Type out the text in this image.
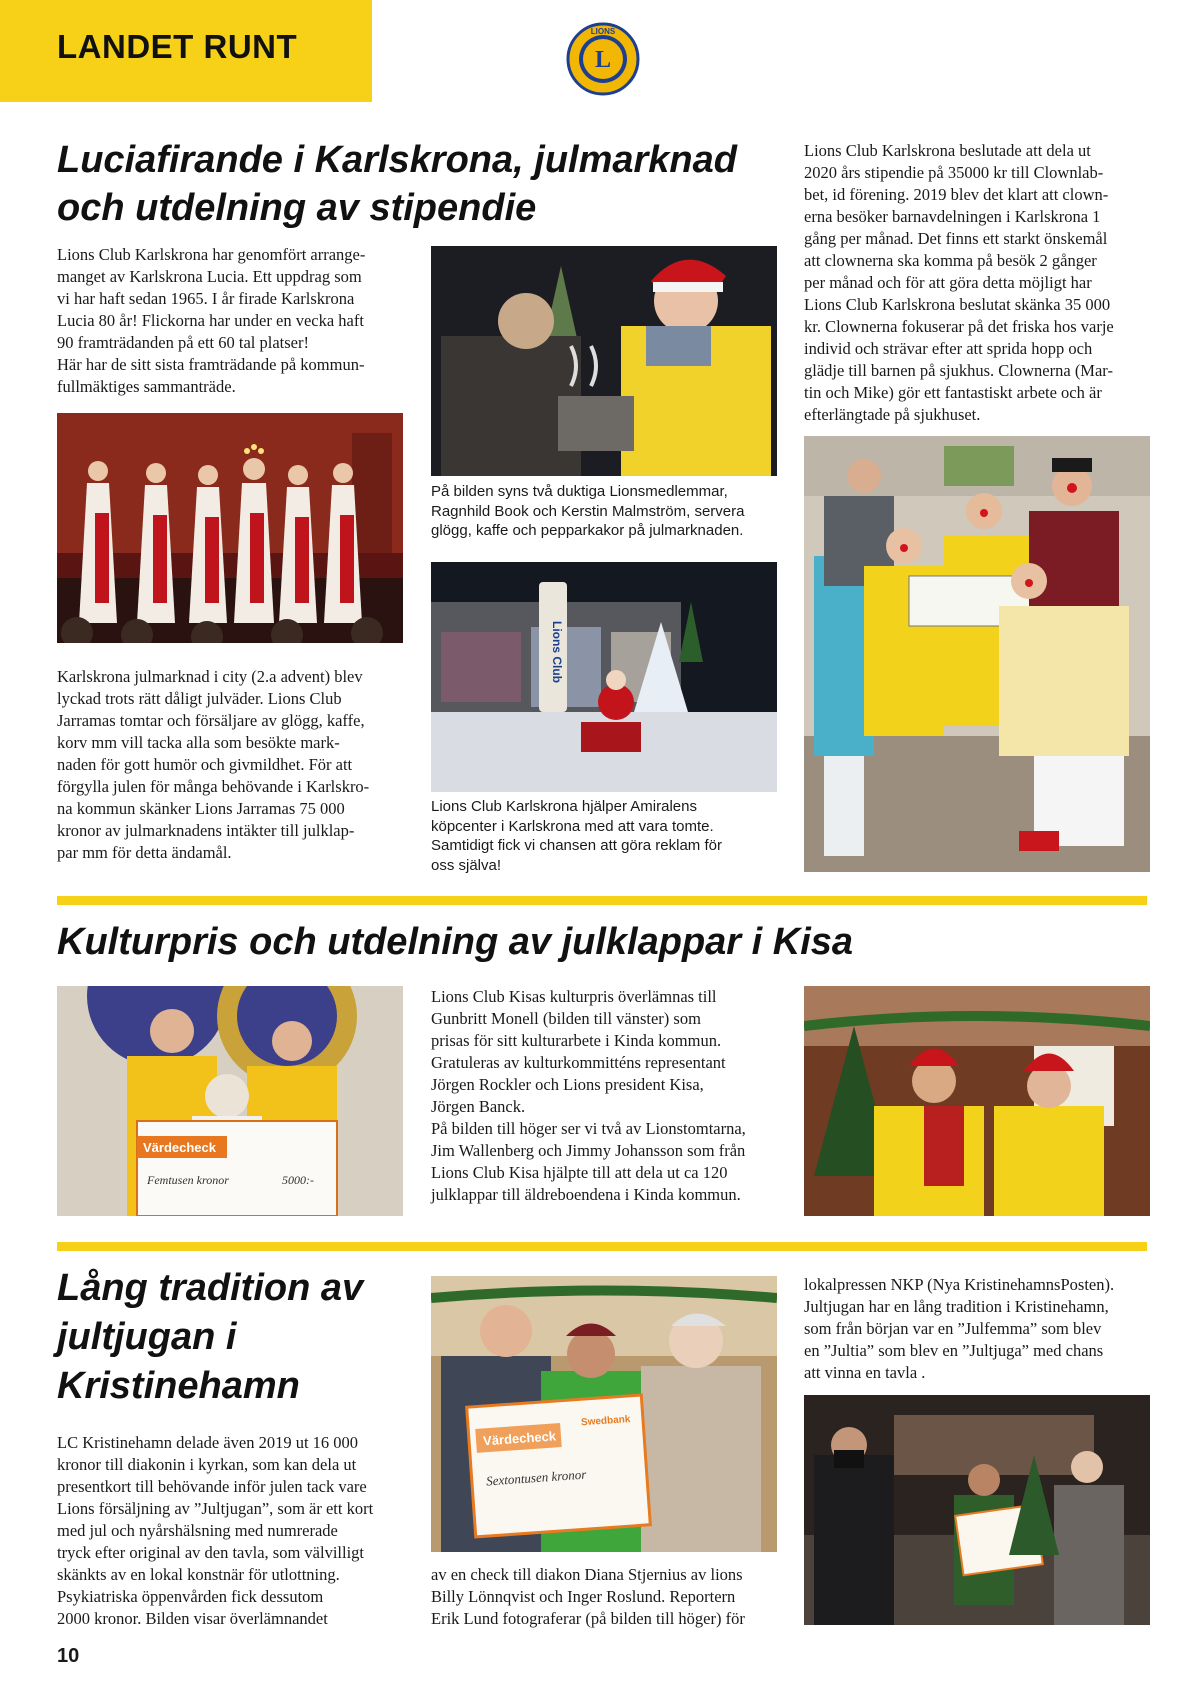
LANDET RUNT	L
LIONS
Luciafirande i Karlskrona, julmarknad och utdelning av stipendie
Lions Club Karlskrona har genomfört arrange-
manget av Karlskrona Lucia. Ett uppdrag som
vi har haft sedan 1965. I år firade Karlskrona
Lucia 80 år! Flickorna har under en vecka haft
90 framträdanden på ett 60 tal platser!
Här har de sitt sista framträdande på kommun-
fullmäktiges sammanträde.
På bilden syns två duktiga Lionsmedlemmar,
Ragnhild Book och Kerstin Malmström, servera
glögg, kaffe och pepparkakor på julmarknaden.
Lions Club
Lions Club Karlskrona hjälper Amiralens
köpcenter i Karlskrona med att vara tomte.
Samtidigt fick vi chansen att göra reklam för
oss själva!
Karlskrona julmarknad i city (2.a advent) blev
lyckad trots rätt dåligt julväder. Lions Club
Jarramas tomtar och försäljare av glögg, kaffe,
korv mm vill tacka alla som besökte mark-
naden för gott humör och givmildhet. För att
förgylla julen för många behövande i Karlskro-
na kommun skänker Lions Jarramas 75 000
kronor av julmarknadens intäkter till julklap-
par mm för detta ändamål.
Lions Club Karlskrona beslutade att dela ut
2020 års stipendie på 35000 kr till Clownlab-
bet, id förening. 2019 blev det klart att clown-
erna besöker barnavdelningen i Karlskrona 1
gång per månad. Det finns ett starkt önskemål
att clownerna ska komma på besök 2 gånger
per månad och för att göra detta möjligt har
Lions Club Karlskrona beslutat skänka 35 000
kr. Clownerna fokuserar på det friska hos varje
individ och strävar efter att sprida hopp och
glädje till barnen på sjukhus. Clownerna (Mar-
tin och Mike) gör ett fantastiskt arbete och är
efterlängtade på sjukhuset.
Kulturpris och utdelning av julklappar i Kisa
Värdecheck
Femtusen kronor	5000:-
Lions Club Kisas kulturpris överlämnas till
Gunbritt Monell (bilden till vänster) som
prisas för sitt kulturarbete i Kinda kommun.
Gratuleras av kulturkommitténs representant
Jörgen Rockler och Lions president Kisa,
Jörgen Banck.
På bilden till höger ser vi två av Lionstomtarna,
Jim Wallenberg och Jimmy Johansson som från
Lions Club Kisa hjälpte till att dela ut ca 120
julklappar till äldreboendena i Kinda kommun.
Lång tradition av jultjugan i Kristinehamn
LC Kristinehamn delade även 2019 ut 16 000
kronor till diakonin i kyrkan, som kan dela ut
presentkort till behövande inför julen tack vare
Lions försäljning av ”Jultjugan”, som är ett kort
med jul och nyårshälsning med numrerade
tryck efter original av den tavla, som välvilligt
skänkts av en lokal konstnär för utlottning.
Psykiatriska öppenvården fick dessutom
2000 kronor. Bilden visar överlämnandet
Värdecheck
Swedbank
Sextontusen kronor
av en check till diakon Diana Stjernius av lions
Billy Lönnqvist och Inger Roslund. Reportern
Erik Lund fotograferar (på bilden till höger) för
lokalpressen NKP (Nya KristinehamnsPosten).
Jultjugan har en lång tradition i Kristinehamn,
som från början var en ”Julfemma” som blev
en ”Jultia” som blev en ”Jultjuga” med chans
att vinna en tavla .
10
